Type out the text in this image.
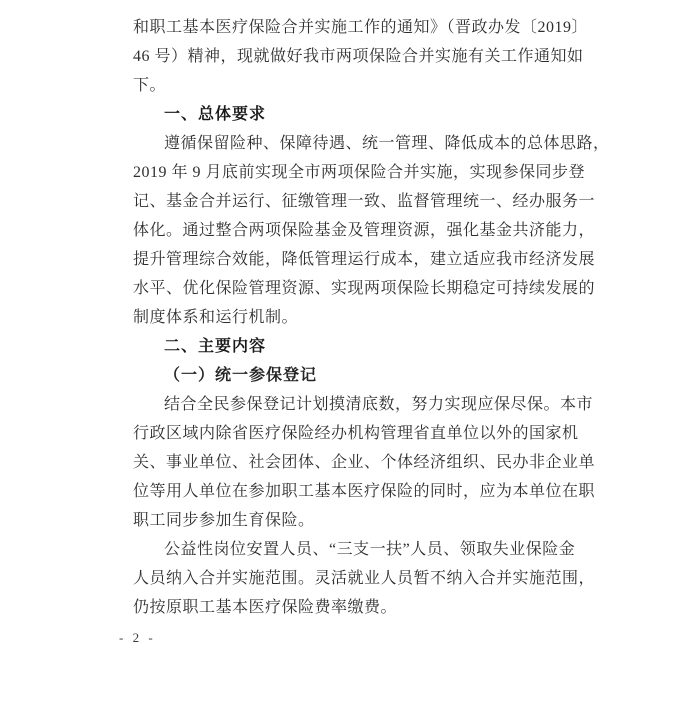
和职工基本医疗保险合并实施工作的通知》（晋政办发〔2019〕
46 号）精神，现就做好我市两项保险合并实施有关工作通知如
下。
一、总体要求
遵循保留险种、保障待遇、统一管理、降低成本的总体思路，
2019 年 9 月底前实现全市两项保险合并实施，实现参保同步登
记、基金合并运行、征缴管理一致、监督管理统一、经办服务一
体化。通过整合两项保险基金及管理资源，强化基金共济能力，
提升管理综合效能，降低管理运行成本，建立适应我市经济发展
水平、优化保险管理资源、实现两项保险长期稳定可持续发展的
制度体系和运行机制。
二、主要内容
（一）统一参保登记
结合全民参保登记计划摸清底数，努力实现应保尽保。本市
行政区域内除省医疗保险经办机构管理省直单位以外的国家机
关、事业单位、社会团体、企业、个体经济组织、民办非企业单
位等用人单位在参加职工基本医疗保险的同时，应为本单位在职
职工同步参加生育保险。
公益性岗位安置人员、“三支一扶”人员、领取失业保险金
人员纳入合并实施范围。灵活就业人员暂不纳入合并实施范围，
仍按原职工基本医疗保险费率缴费。
- 2 -
